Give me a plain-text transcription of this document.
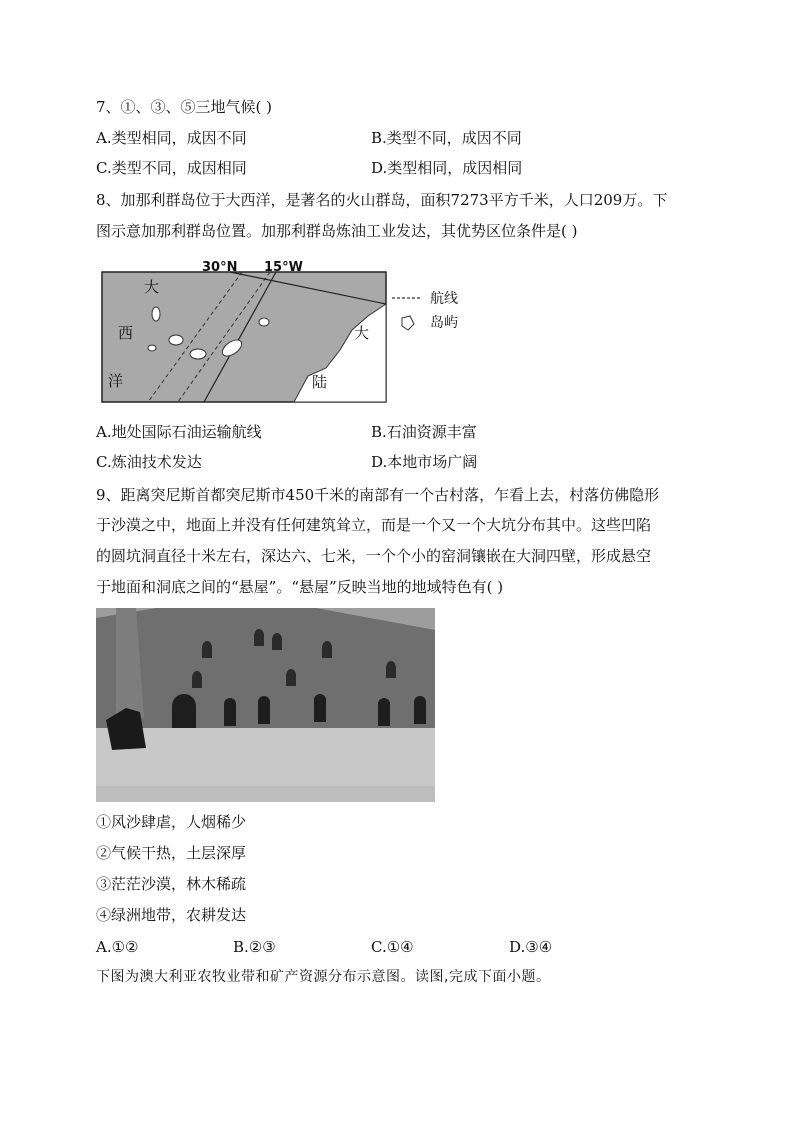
7、①、③、⑤三地气候( )
A.类型相同，成因不同	B.类型不同，成因不同
C.类型不同，成因相同	D.类型相同，成因相同
8、加那利群岛位于大西洋，是著名的火山群岛，面积7273平方千米，人口209万。下
图示意加那利群岛位置。加那利群岛炼油工业发达，其优势区位条件是( )
30°N 15°W
大
西
洋
大
陆
航线
岛屿
A.地处国际石油运输航线	B.石油资源丰富
C.炼油技术发达	D.本地市场广阔
9、距离突尼斯首都突尼斯市450千米的南部有一个古村落，乍看上去，村落仿佛隐形
于沙漠之中，地面上并没有任何建筑耸立，而是一个又一个大坑分布其中。这些凹陷
的圆坑洞直径十米左右，深达六、七米，一个个小的窑洞镶嵌在大洞四壁，形成悬空
于地面和洞底之间的“悬屋”。“悬屋”反映当地的地域特色有( )
①风沙肆虐，人烟稀少
②气候干热，土层深厚
③茫茫沙漠，林木稀疏
④绿洲地带，农耕发达
A.①②	B.②③	C.①④	D.③④
下图为澳大利亚农牧业带和矿产资源分布示意图。读图,完成下面小题。
